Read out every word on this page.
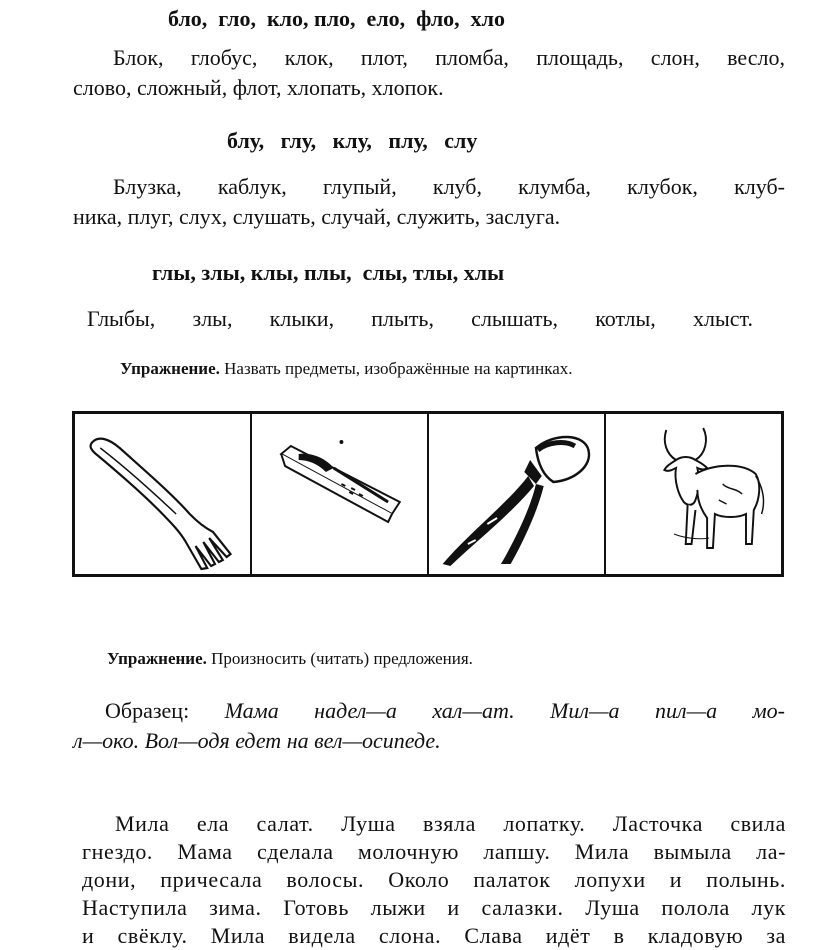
бло,  гло,  кло, пло,  ело,  фло,  хло
Блок, глобус, клок, плот, пломба, площадь, слон, весло,
слово, сложный, флот, хлопать, хлопок.
блу,   глу,   клу,   плу,   слу
Блузка, каблук, глупый, клуб, клумба, клубок, клуб-
ника, плуг, слух, слушать, случай, служить, заслуга.
глы, злы, клы, плы,  слы, тлы, хлы
Глыбы, злы, клыки, плыть, слышать, котлы, хлыст.
Упражнение. Назвать предметы, изображённые на картинках.
Упражнение. Произносить (читать) предложения.
Образец: Мама надел—а хал—ат. Мил—а пил—а мо-
л—око. Вол—одя едет на вел—осипеде.
Мила ела салат. Луша взяла лопатку. Ласточка свила
гнездо. Мама сделала молочную лапшу. Мила вымыла ла-
дони, причесала волосы. Около палаток лопухи и полынь.
Наступила зима. Готовь лыжи и салазки. Луша полола лук
и свёклу. Мила видела слона. Слава идёт в кладовую за
